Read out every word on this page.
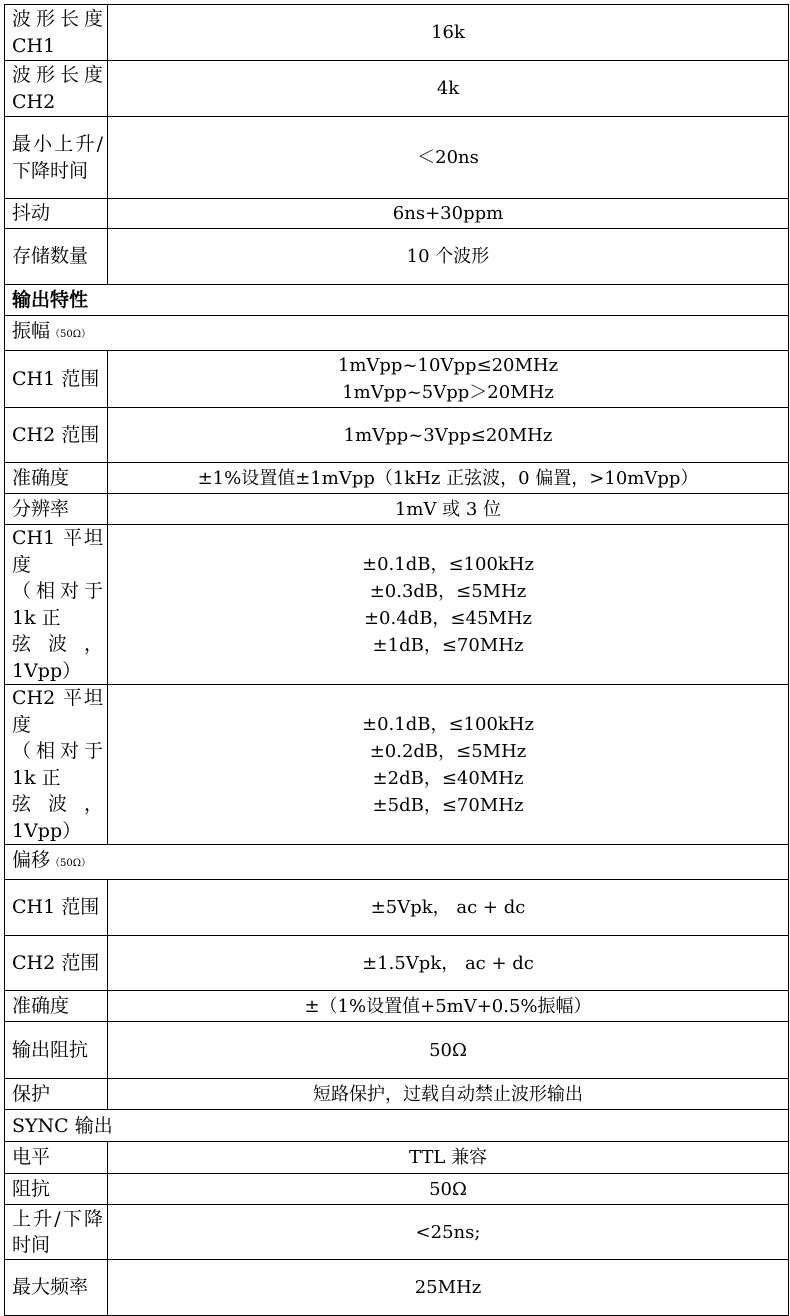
波形长度CH1	16k
波形长度CH2	4k
最小上升/下降时间	＜20ns
抖动	6ns+30ppm
存储数量	10 个波形
输出特性	
振幅（50Ω）	
CH1 范围	1mVpp~10Vpp≤20MHz
1mVpp~5Vpp＞20MHz

CH2 范围	1mVpp~3Vpp≤20MHz
准确度	±1%设置值±1mVpp（1kHz 正弦波，0 偏置，>10mVpp）
分辨率	1mV 或 3 位

CH1 平坦度
（相对于 1k 正
弦波，1Vpp）	±0.1dB，≤100kHz
±0.3dB，≤5MHz
±0.4dB，≤45MHz
±1dB，≤70MHz

CH2 平坦度
（相对于 1k 正
弦波，1Vpp）	±0.1dB，≤100kHz
±0.2dB，≤5MHz
±2dB，≤40MHz
±5dB，≤70MHz

偏移（50Ω）	
CH1 范围	±5Vpk， ac + dc
CH2 范围	±1.5Vpk， ac + dc
准确度	±（1%设置值+5mV+0.5%振幅）
输出阻抗	50Ω
保护	短路保护，过载自动禁止波形输出
SYNC 输出	
电平	TTL 兼容
阻抗	50Ω
上升/下降时间	<25ns;
最大频率	25MHz
